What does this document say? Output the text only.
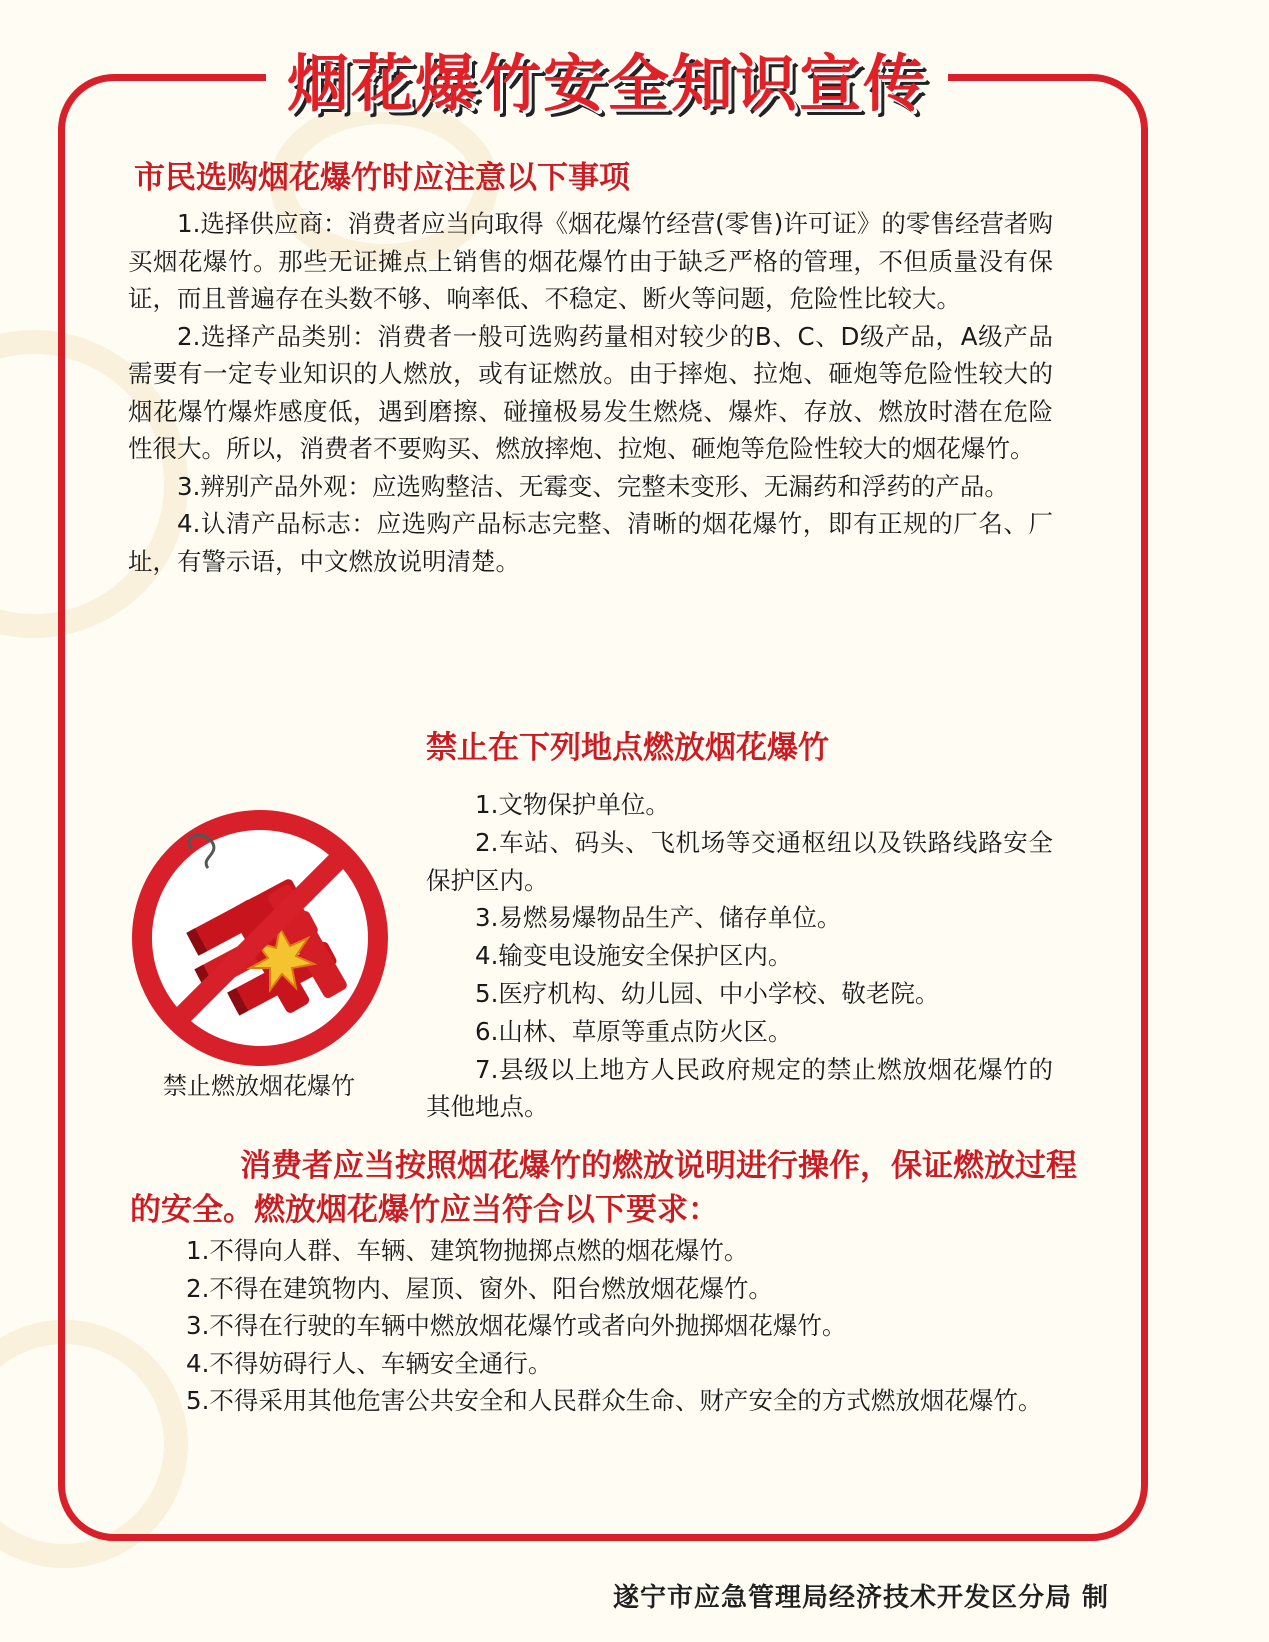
烟花爆竹安全知识宣传
市民选购烟花爆竹时应注意以下事项

1.选择供应商：消费者应当向取得《烟花爆竹经营(零售)许可证》的零售经营者购买烟花爆竹。那些无证摊点上销售的烟花爆竹由于缺乏严格的管理，不但质量没有保证，而且普遍存在头数不够、响率低、不稳定、断火等问题，危险性比较大。

2.选择产品类别：消费者一般可选购药量相对较少的B、C、D级产品，A级产品需要有一定专业知识的人燃放，或有证燃放。由于摔炮、拉炮、砸炮等危险性较大的烟花爆竹爆炸感度低，遇到磨擦、碰撞极易发生燃烧、爆炸、存放、燃放时潜在危险性很大。所以，消费者不要购买、燃放摔炮、拉炮、砸炮等危险性较大的烟花爆竹。

3.辨别产品外观：应选购整洁、无霉变、完整未变形、无漏药和浮药的产品。

4.认清产品标志：应选购产品标志完整、清晰的烟花爆竹，即有正规的厂名、厂址，有警示语，中文燃放说明清楚。

禁止在下列地点燃放烟花爆竹
禁止燃放烟花爆竹

1.文物保护单位。

2.车站、码头、飞机场等交通枢纽以及铁路线路安全保护区内。

3.易燃易爆物品生产、储存单位。

4.输变电设施安全保护区内。

5.医疗机构、幼儿园、中小学校、敬老院。

6.山林、草原等重点防火区。

7.县级以上地方人民政府规定的禁止燃放烟花爆竹的其他地点。

消费者应当按照烟花爆竹的燃放说明进行操作，保证燃放过程的安全。燃放烟花爆竹应当符合以下要求：

1.不得向人群、车辆、建筑物抛掷点燃的烟花爆竹。

2.不得在建筑物内、屋顶、窗外、阳台燃放烟花爆竹。

3.不得在行驶的车辆中燃放烟花爆竹或者向外抛掷烟花爆竹。

4.不得妨碍行人、车辆安全通行。

5.不得采用其他危害公共安全和人民群众生命、财产安全的方式燃放烟花爆竹。

遂宁市应急管理局经济技术开发区分局 制
